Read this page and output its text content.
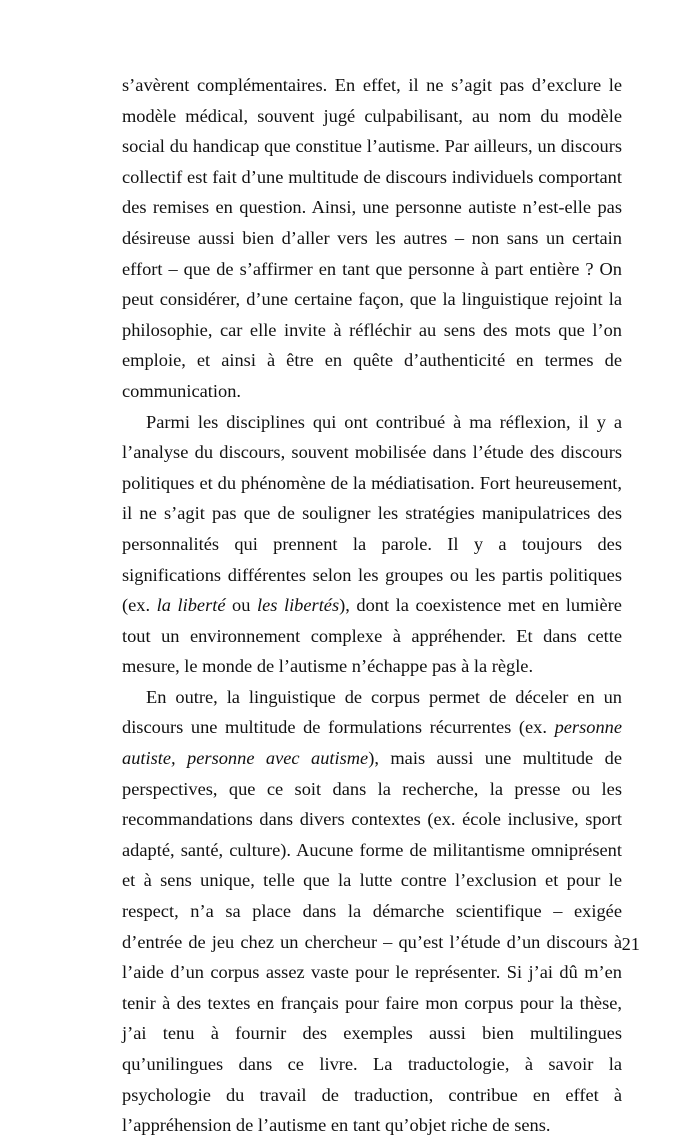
s’avèrent complémentaires. En effet, il ne s’agit pas d’exclure le modèle médical, souvent jugé culpabilisant, au nom du modèle social du handicap que constitue l’autisme. Par ailleurs, un discours collectif est fait d’une multitude de discours individuels comportant des remises en question. Ainsi, une personne autiste n’est-elle pas désireuse aussi bien d’aller vers les autres – non sans un certain effort – que de s’affirmer en tant que personne à part entière ? On peut considérer, d’une certaine façon, que la linguistique rejoint la philosophie, car elle invite à réfléchir au sens des mots que l’on emploie, et ainsi à être en quête d’authenticité en termes de communication.

Parmi les disciplines qui ont contribué à ma réflexion, il y a l’analyse du discours, souvent mobilisée dans l’étude des discours politiques et du phénomène de la médiatisation. Fort heureusement, il ne s’agit pas que de souligner les stratégies manipulatrices des personnalités qui prennent la parole. Il y a toujours des significations différentes selon les groupes ou les partis politiques (ex. la liberté ou les libertés), dont la coexistence met en lumière tout un environnement complexe à appréhender. Et dans cette mesure, le monde de l’autisme n’échappe pas à la règle.

En outre, la linguistique de corpus permet de déceler en un discours une multitude de formulations récurrentes (ex. personne autiste, personne avec autisme), mais aussi une multitude de perspectives, que ce soit dans la recherche, la presse ou les recommandations dans divers contextes (ex. école inclusive, sport adapté, santé, culture). Aucune forme de militantisme omniprésent et à sens unique, telle que la lutte contre l’exclusion et pour le respect, n’a sa place dans la démarche scientifique – exigée d’entrée de jeu chez un chercheur – qu’est l’étude d’un discours à l’aide d’un corpus assez vaste pour le représenter. Si j’ai dû m’en tenir à des textes en français pour faire mon corpus pour la thèse, j’ai tenu à fournir des exemples aussi bien multilingues qu’unilingues dans ce livre. La traductologie, à savoir la psychologie du travail de traduction, contribue en effet à l’appréhension de l’autisme en tant qu’objet riche de sens.

21
